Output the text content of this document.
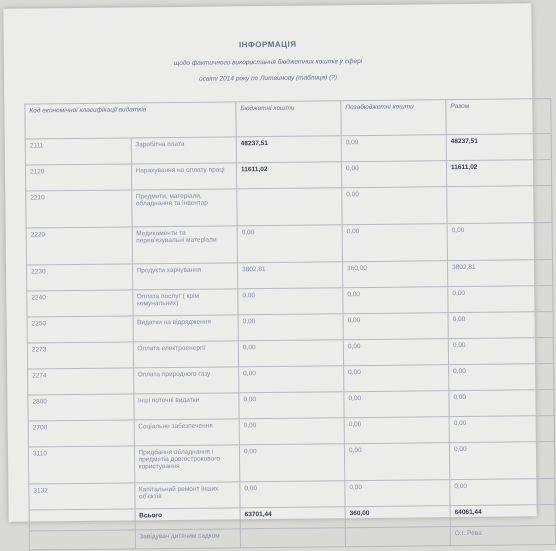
ІНФОРМАЦІЯ
щодо фактичного використання бюджетних коштів у сфері
освіті 2014 року по Литвинову (таблиця) (?)
Код економічної класифікації видатків		Бюджетні кошти	Позабюджетні кошти	Разом
2111	Заробітна плата	48237,51	0,00	48237,51
2120	Нарахування на оплату праці	11611,02	0,00	11611,02
2210	Предмети, матеріали, обладнання та інвентар		0,00	
2220	Медикаменти та перев'язувальні матеріали	0,00	0,00	0,00
2230	Продукти харчування	3802,81	360,00	3802,81
2240	Оплата послуг ( крім комунальних)	0,00	0,00	0,00
2250	Видатки на відрядження	0,00	0,00	0,00
2273	Оплата електроенергії	0,00	0,00	0,00
2274	Оплата природного газу	0,00	0,00	0,00
2800	Інші поточні видатки	0,00	0,00	0,00
2700	Соціальне забезпечення	0,00	0,00	0,00
3110	Придбання обладнання і предметів довгострокового користування	0,00	0,00	0,00
3132	Капітальний ремонт інших об'єктів	0,00	0,00	0,00
	Всього	63701,44	360,00	64061,44
	Завідувач дитячим садком			О.І. Рева
